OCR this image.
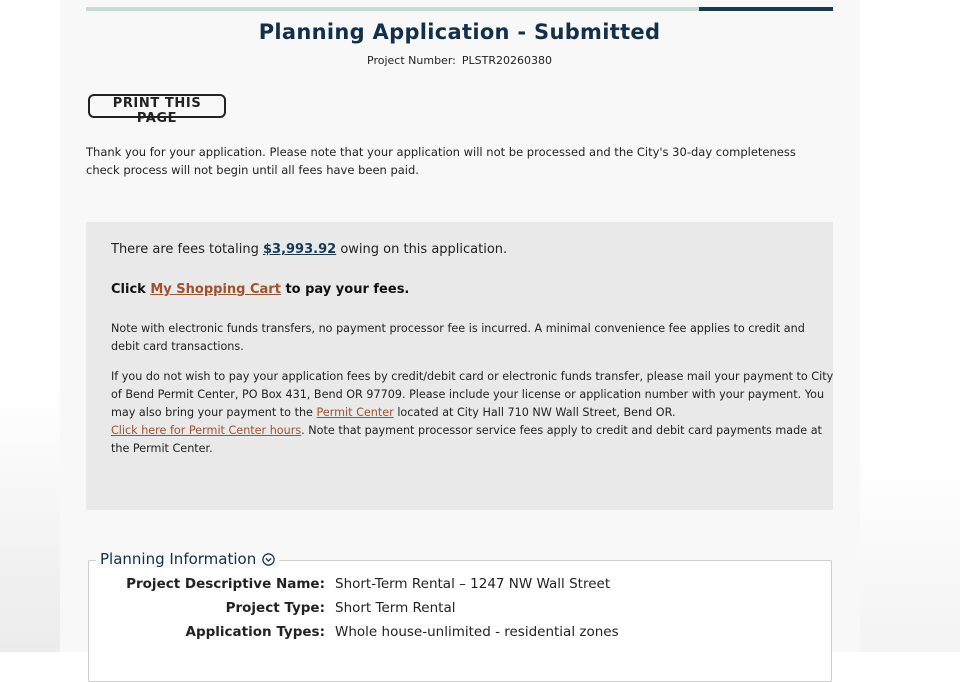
Planning Application - Submitted
Project Number: PLSTR20260380
PRINT THIS PAGE

Thank you for your application. Please note that your application will not be processed and the City's 30-day completeness check process will not begin until all fees have been paid.

There are fees totaling $3,993.92 owing on this application.

Click My Shopping Cart to pay your fees.

Note with electronic funds transfers, no payment processor fee is incurred. A minimal convenience fee applies to credit and debit card transactions.

If you do not wish to pay your application fees by credit/debit card or electronic funds transfer, please mail your payment to City of Bend Permit Center, PO Box 431, Bend OR 97709. Please include your license or application number with your payment. You may also bring your payment to the Permit Center located at City Hall 710 NW Wall Street, Bend OR.
Click here for Permit Center hours. Note that payment processor service fees apply to credit and debit card payments made at the Permit Center.

Planning Information
Project Descriptive Name: Short-Term Rental – 1247 NW Wall Street
Project Type: Short Term Rental
Application Types: Whole house-unlimited - residential zones
